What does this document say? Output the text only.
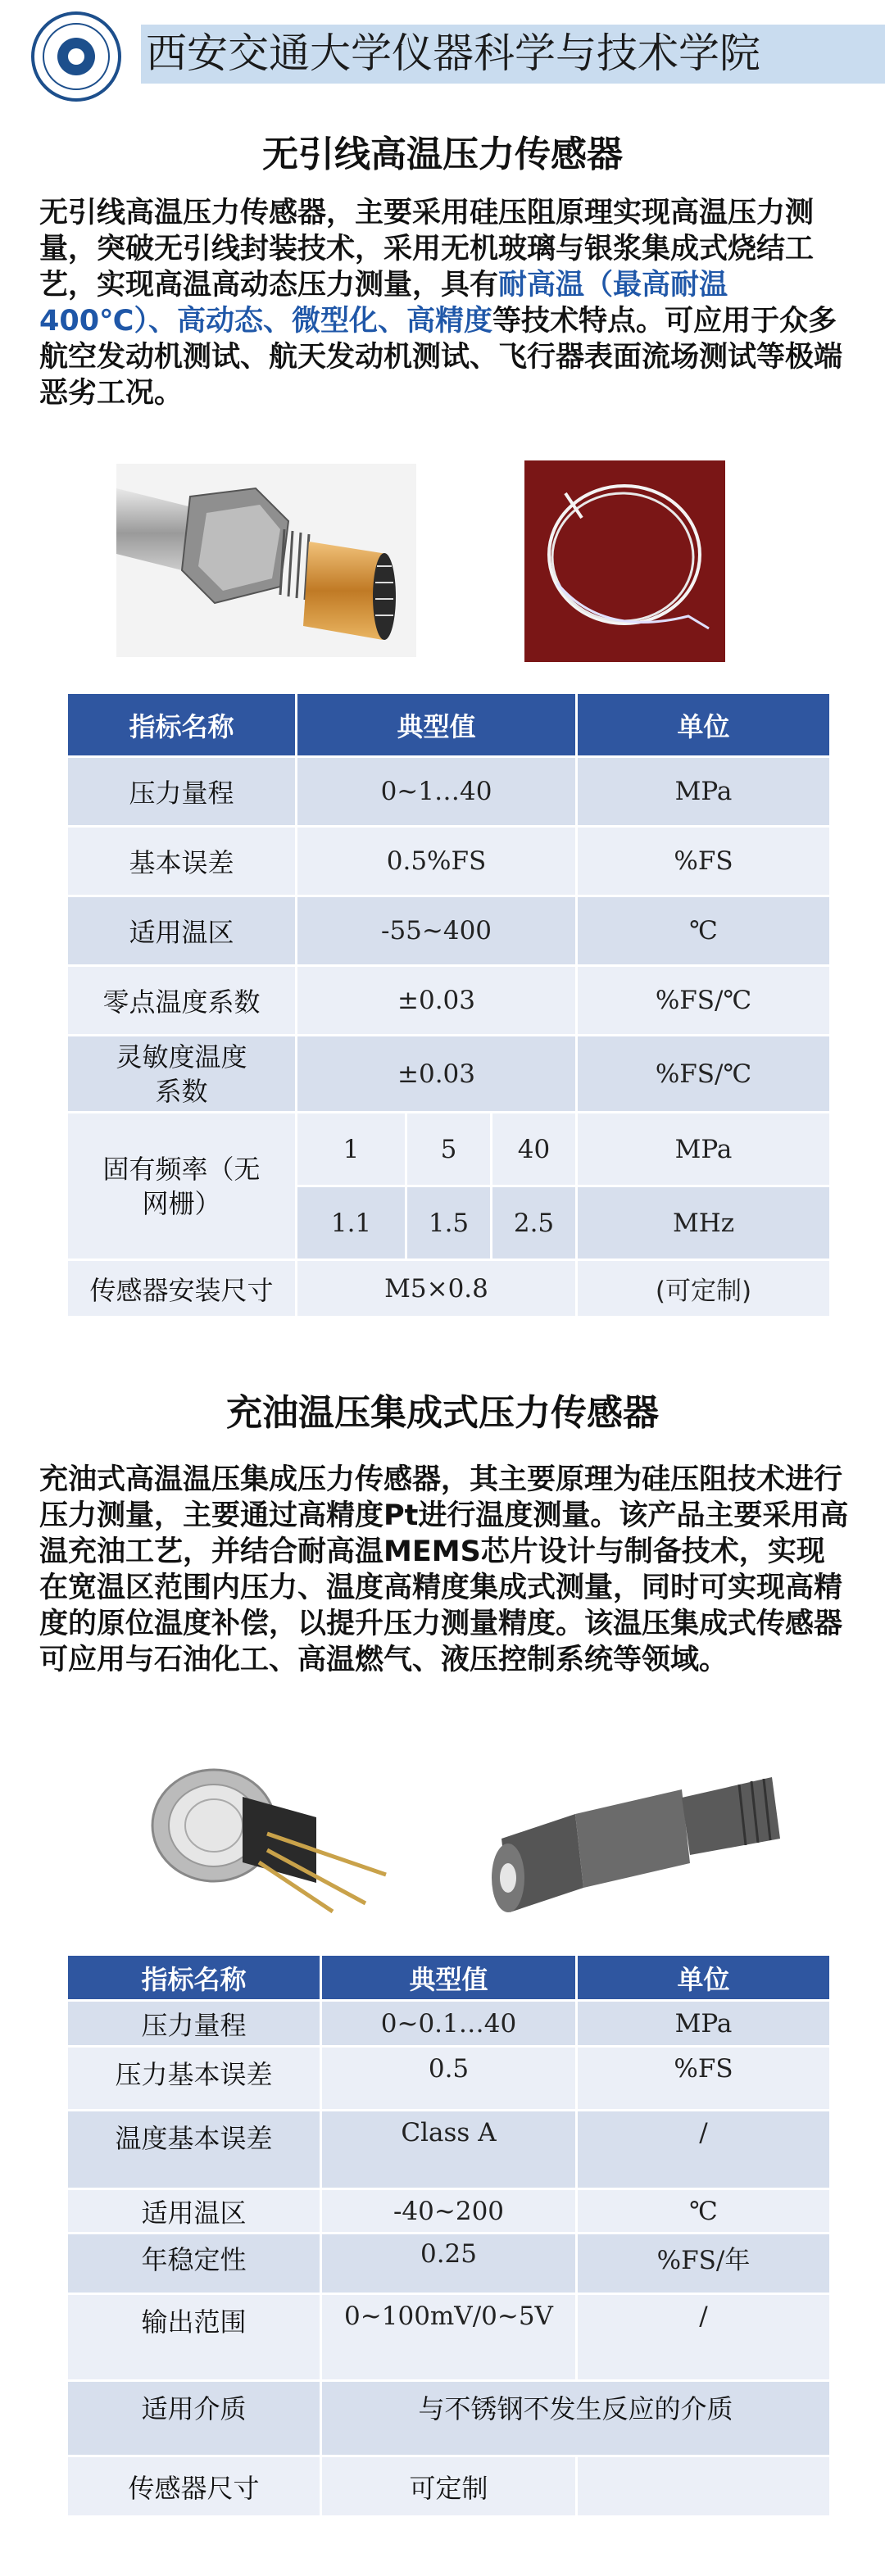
西安交通大学仪器科学与技术学院
无引线高温压力传感器
无引线高温压力传感器，主要采用硅压阻原理实现高温压力测量，突破无引线封装技术，采用无机玻璃与银浆集成式烧结工艺，实现高温高动态压力测量，具有耐高温（最高耐温400℃）、高动态、微型化、高精度等技术特点。可应用于众多航空发动机测试、航天发动机测试、飞行器表面流场测试等极端恶劣工况。
指标名称	典型值			单位
压力量程	0~1…40			MPa
基本误差	0.5%FS			%FS
适用温区	-55~400			℃
零点温度系数	±0.03			%FS/℃
灵敏度温度 系数	±0.03			%FS/℃
固有频率（无网栅）	1	5	40	MPa
	1.1	1.5	2.5	MHz
传感器安装尺寸	M5×0.8			(可定制)
充油温压集成式压力传感器
充油式高温温压集成压力传感器，其主要原理为硅压阻技术进行压力测量，主要通过高精度Pt进行温度测量。该产品主要采用高温充油工艺，并结合耐高温MEMS芯片设计与制备技术，实现在宽温区范围内压力、温度高精度集成式测量，同时可实现高精度的原位温度补偿，以提升压力测量精度。该温压集成式传感器可应用与石油化工、高温燃气、液压控制系统等领域。
指标名称	典型值	单位
压力量程	0~0.1…40	MPa
压力基本误差	0.5	%FS
温度基本误差	Class A	/
适用温区	-40~200	℃
年稳定性	0.25	%FS/年
输出范围	0~100mV/0~5V	/
适用介质	与不锈钢不发生反应的介质	
传感器尺寸	可定制	
